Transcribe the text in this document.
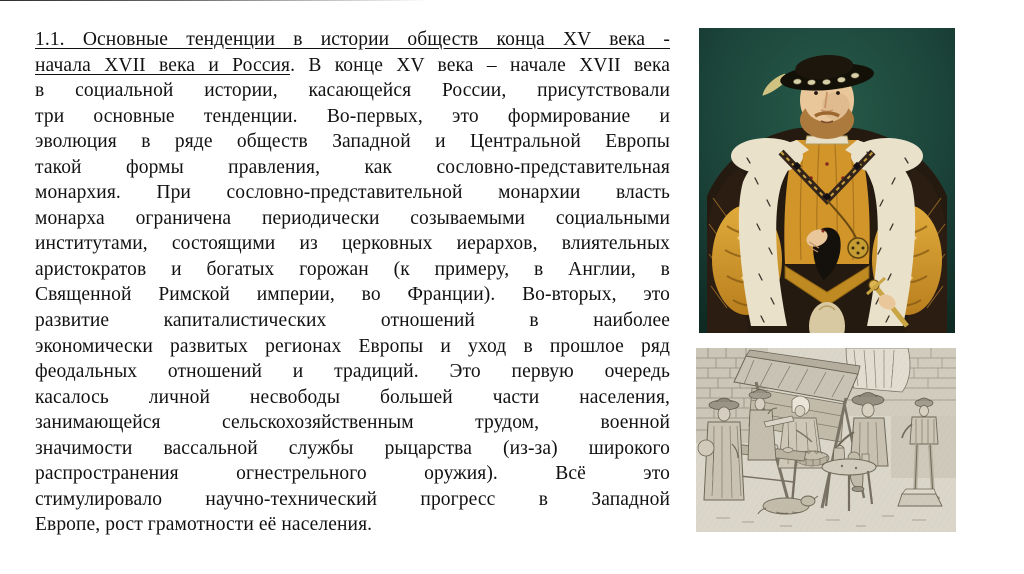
1.1. Основные тенденции в истории обществ конца XV века -
начала XVII века и Россия. В конце XV века – начале XVII века
в социальной истории, касающейся России, присутствовали
три основные тенденции. Во-первых, это формирование и
эволюция в ряде обществ Западной и Центральной Европы
такой формы правления, как сословно-представительная
монархия. При сословно-представительной монархии власть
монарха ограничена периодически созываемыми социальными
институтами, состоящими из церковных иерархов, влиятельных
аристократов и богатых горожан (к примеру, в Англии, в
Священной Римской империи, во Франции). Во-вторых, это
развитие капиталистических отношений в наиболее
экономически развитых регионах Европы и уход в прошлое ряд
феодальных отношений и традиций. Это первую очередь
касалось личной несвободы большей части населения,
занимающейся сельскохозяйственным трудом, военной
значимости вассальной службы рыцарства (из-за) широкого
распространения огнестрельного оружия). Всё это
стимулировало научно-технический прогресс в Западной
Европе, рост грамотности её населения.
